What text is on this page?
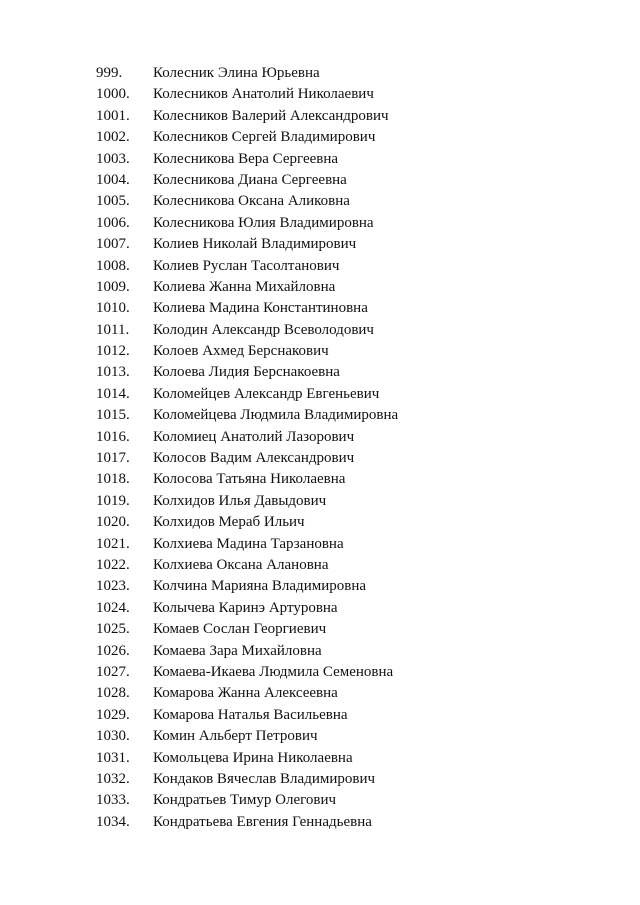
999. Колесник Элина Юрьевна
1000. Колесников Анатолий Николаевич
1001. Колесников Валерий Александрович
1002. Колесников Сергей Владимирович
1003. Колесникова Вера Сергеевна
1004. Колесникова Диана Сергеевна
1005. Колесникова Оксана Аликовна
1006. Колесникова Юлия Владимировна
1007. Колиев Николай Владимирович
1008. Колиев Руслан Тасолтанович
1009. Колиева Жанна Михайловна
1010. Колиева Мадина Константиновна
1011. Колодин Александр Всеволодович
1012. Колоев Ахмед Берснакович
1013. Колоева Лидия Берснакоевна
1014. Коломейцев Александр Евгеньевич
1015. Коломейцева Людмила Владимировна
1016. Коломиец Анатолий Лазорович
1017. Колосов Вадим Александрович
1018. Колосова Татьяна Николаевна
1019. Колхидов Илья Давыдович
1020. Колхидов Мераб Ильич
1021. Колхиева Мадина Тарзановна
1022. Колхиева Оксана Алановна
1023. Колчина Марияна Владимировна
1024. Колычева Каринэ Артуровна
1025. Комаев Сослан Георгиевич
1026. Комаева Зара Михайловна
1027. Комаева-Икаева Людмила Семеновна
1028. Комарова Жанна Алексеевна
1029. Комарова Наталья Васильевна
1030. Комин Альберт Петрович
1031. Комольцева Ирина Николаевна
1032. Кондаков Вячеслав Владимирович
1033. Кондратьев Тимур Олегович
1034. Кондратьева Евгения Геннадьевна
